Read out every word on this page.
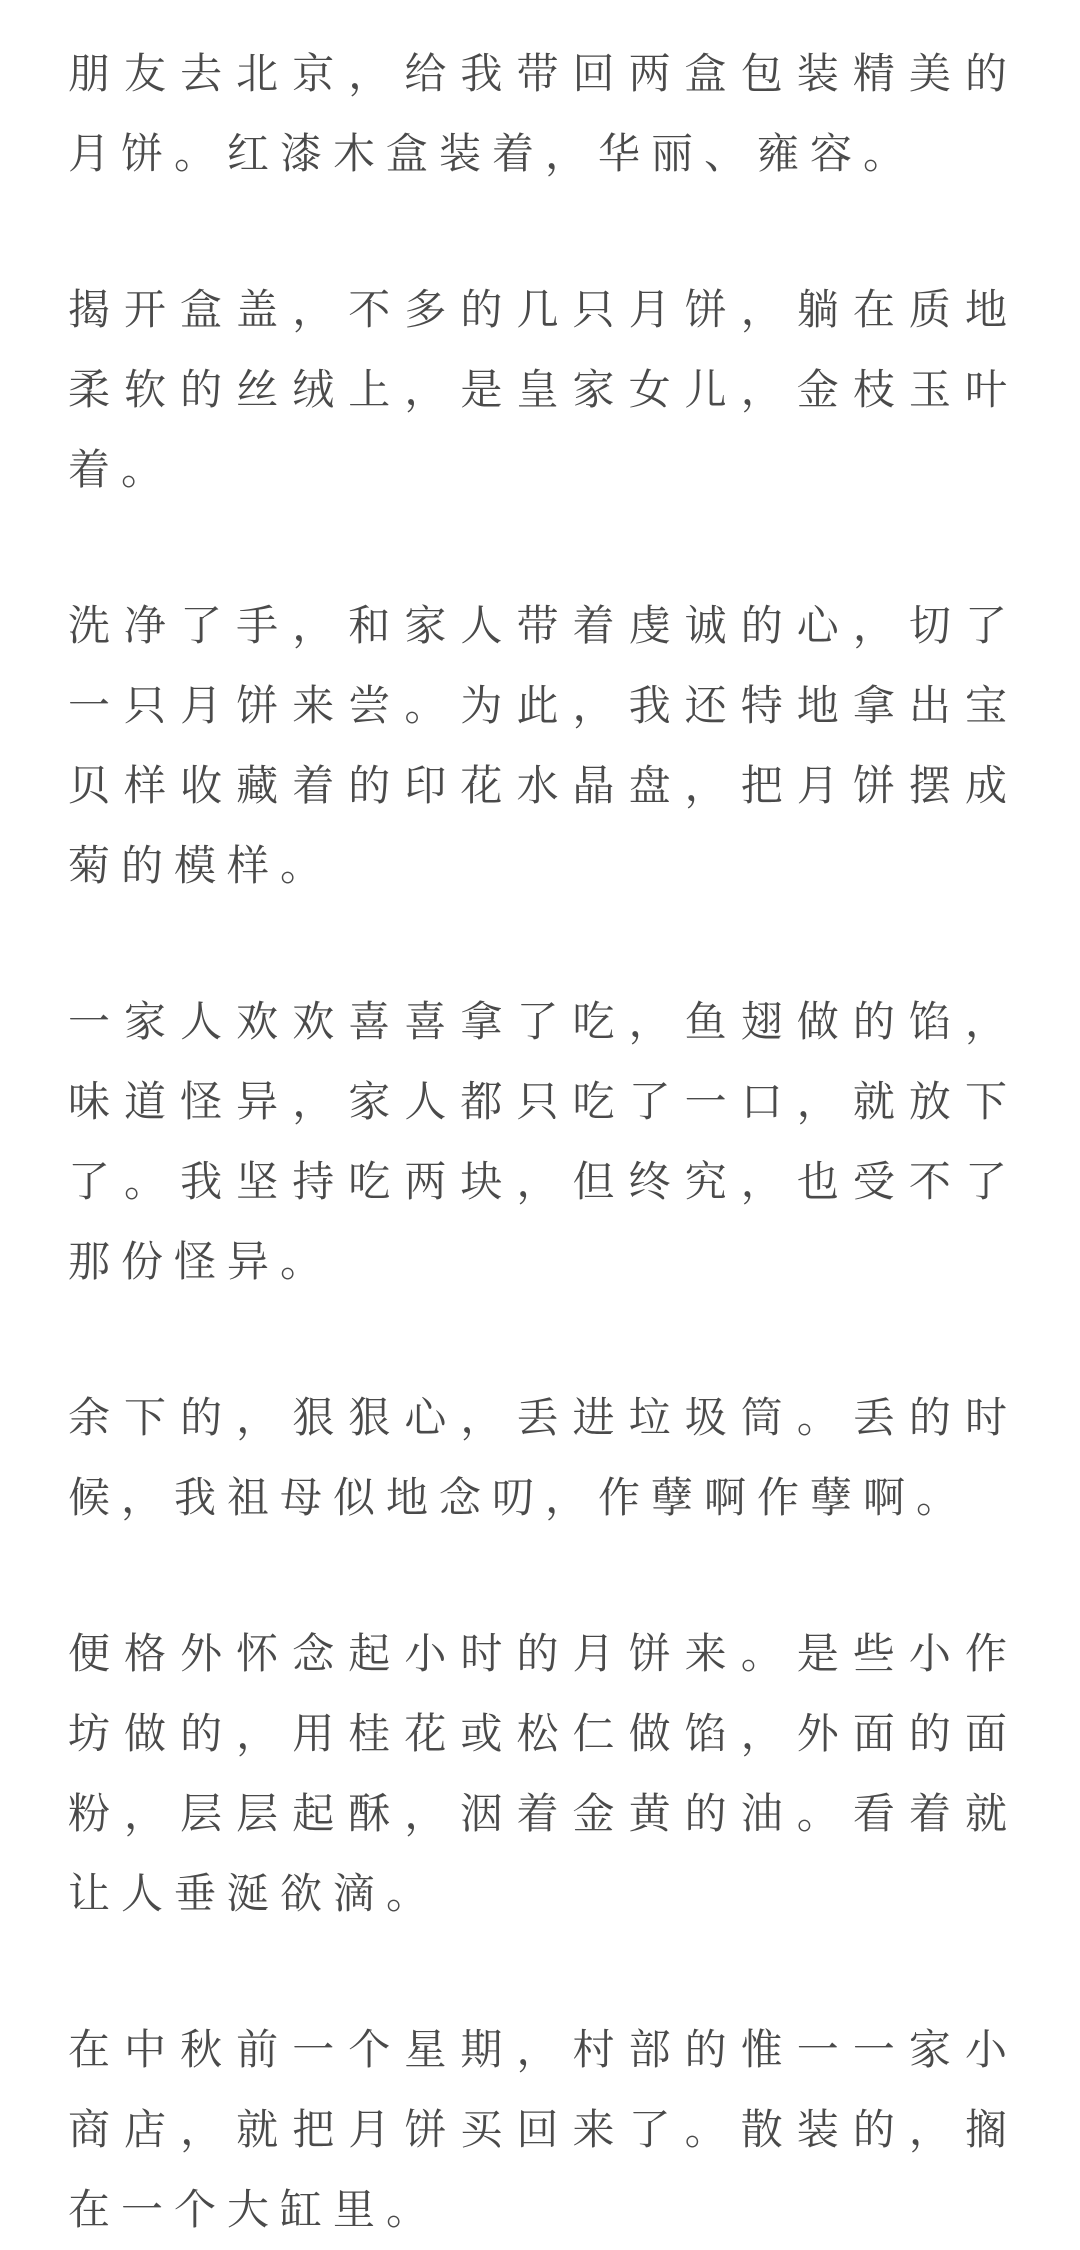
朋友去北京，给我带回两盒包装精美的月饼。红漆木盒装着，华丽、雍容。

揭开盒盖，不多的几只月饼，躺在质地柔软的丝绒上，是皇家女儿，金枝玉叶着。

洗净了手，和家人带着虔诚的心，切了一只月饼来尝。为此，我还特地拿出宝贝样收藏着的印花水晶盘，把月饼摆成菊的模样。

一家人欢欢喜喜拿了吃，鱼翅做的馅，味道怪异，家人都只吃了一口，就放下了。我坚持吃两块，但终究，也受不了那份怪异。

余下的，狠狠心，丢进垃圾筒。丢的时候，我祖母似地念叨，作孽啊作孽啊。

便格外怀念起小时的月饼来。是些小作坊做的，用桂花或松仁做馅，外面的面粉，层层起酥，洇着金黄的油。看着就让人垂涎欲滴。

在中秋前一个星期，村部的惟一一家小商店，就把月饼买回来了。散装的，搁在一个大缸里。
